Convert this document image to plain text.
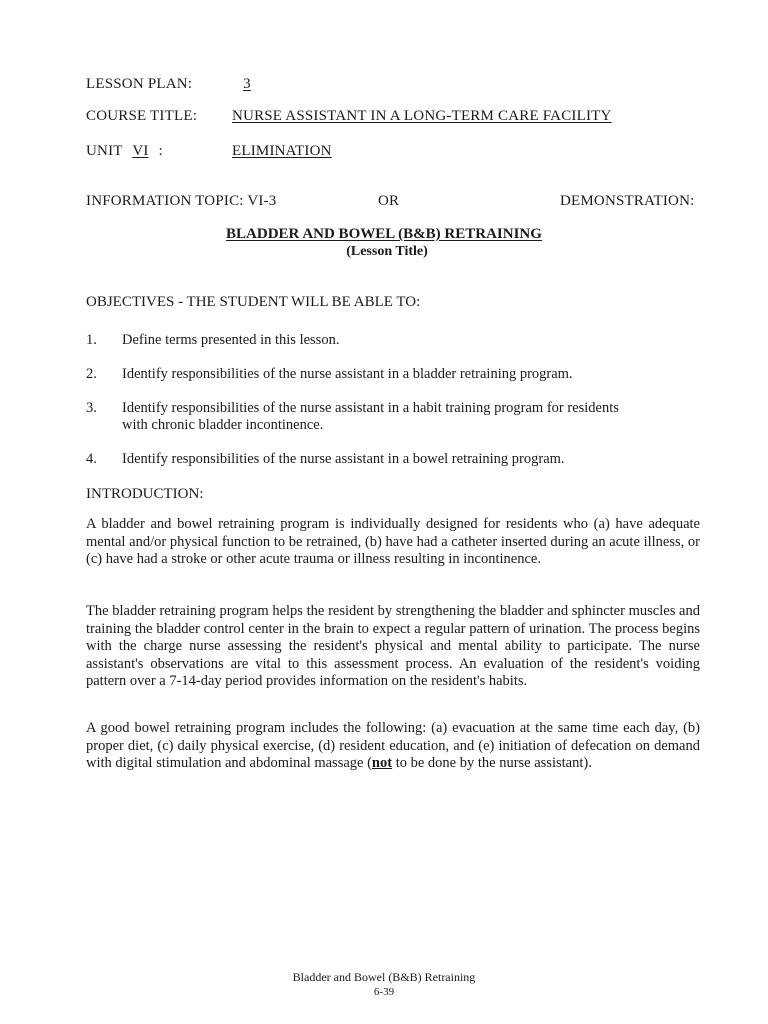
LESSON PLAN:	3
COURSE TITLE: NURSE ASSISTANT IN A LONG-TERM CARE FACILITY
UNIT VI :	ELIMINATION
INFORMATION TOPIC: VI-3	OR	DEMONSTRATION:
BLADDER AND BOWEL (B&B) RETRAINING
(Lesson Title)
OBJECTIVES - THE STUDENT WILL BE ABLE TO:
1. Define terms presented in this lesson.
2. Identify responsibilities of the nurse assistant in a bladder retraining program.
3. Identify responsibilities of the nurse assistant in a habit training program for residents with chronic bladder incontinence.
4. Identify responsibilities of the nurse assistant in a bowel retraining program.
INTRODUCTION:
A bladder and bowel retraining program is individually designed for residents who (a) have adequate mental and/or physical function to be retrained, (b) have had a catheter inserted during an acute illness, or (c) have had a stroke or other acute trauma or illness resulting in incontinence.
The bladder retraining program helps the resident by strengthening the bladder and sphincter muscles and training the bladder control center in the brain to expect a regular pattern of urination. The process begins with the charge nurse assessing the resident's physical and mental ability to participate. The nurse assistant's observations are vital to this assessment process. An evaluation of the resident's voiding pattern over a 7-14-day period provides information on the resident's habits.
A good bowel retraining program includes the following: (a) evacuation at the same time each day, (b) proper diet, (c) daily physical exercise, (d) resident education, and (e) initiation of defecation on demand with digital stimulation and abdominal massage (not to be done by the nurse assistant).
Bladder and Bowel (B&B) Retraining
6-39
